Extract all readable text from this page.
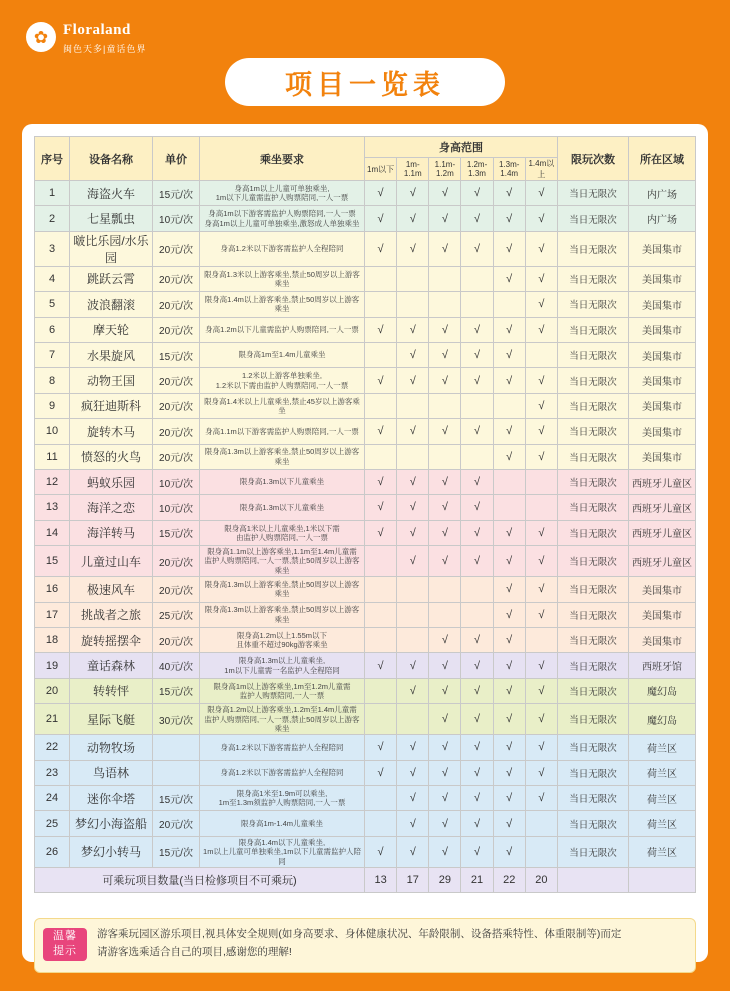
✿ Floraland
闽色天多|童话色界
项目一览表
序号	设备名称	单价	乘坐要求	身高范围						限玩次数	所在区域
				1m以下	1m-1.1m	1.1m-1.2m	1.2m-1.3m	1.3m-1.4m	1.4m以上		
1	海盗火车	15元/次	身高1m以上儿童可单独乘坐,
1m以下儿童需监护人购票陪同,一人一票	√	√	√	√	√	√	当日无限次	内广场
2	七星瓢虫	10元/次	身高1m以下游客需监护人购票陪同,一人一票
身高1m以上儿童可单独乘坐,激怒成人单独乘坐	√	√	√	√	√	√	当日无限次	内广场
3	啵比乐园/水乐园	20元/次	身高1.2米以下游客需监护人全程陪同	√	√	√	√	√	√	当日无限次	美国集市
4	跳跃云霄	20元/次	限身高1.3米以上游客乘坐,禁止50周岁以上游客乘坐					√	√	当日无限次	美国集市
5	波浪翻滚	20元/次	限身高1.4m以上游客乘坐,禁止50周岁以上游客乘坐						√	当日无限次	美国集市
6	摩天轮	20元/次	身高1.2m以下儿童需监护人购票陪同,一人一票	√	√	√	√	√	√	当日无限次	美国集市
7	水果旋风	15元/次	限身高1m至1.4m儿童乘坐		√	√	√	√		当日无限次	美国集市
8	动物王国	20元/次	1.2米以上游客单独乘坐,
1.2米以下需由监护人购票陪同,一人一票	√	√	√	√	√	√	当日无限次	美国集市
9	疯狂迪斯科	20元/次	限身高1.4米以上儿童乘坐,禁止45岁以上游客乘坐						√	当日无限次	美国集市
10	旋转木马	20元/次	身高1.1m以下游客需监护人购票陪同,一人一票	√	√	√	√	√	√	当日无限次	美国集市
11	愤怒的火鸟	20元/次	限身高1.3m以上游客乘坐,禁止50周岁以上游客乘坐					√	√	当日无限次	美国集市
12	蚂蚁乐园	10元/次	限身高1.3m以下儿童乘坐	√	√	√	√			当日无限次	西班牙儿童区
13	海洋之恋	10元/次	限身高1.3m以下儿童乘坐	√	√	√	√			当日无限次	西班牙儿童区
14	海洋转马	15元/次	限身高1米以上儿童乘坐,1米以下需
由监护人购票陪同,一人一票	√	√	√	√	√	√	当日无限次	西班牙儿童区
15	儿童过山车	20元/次	限身高1.1m以上游客乘坐,1.1m至1.4m儿童需
监护人购票陪同,一人一票,禁止50周岁以上游客乘坐		√	√	√	√	√	当日无限次	西班牙儿童区
16	极速风车	20元/次	限身高1.3m以上游客乘坐,禁止50周岁以上游客乘坐					√	√	当日无限次	美国集市
17	挑战者之旅	25元/次	限身高1.3m以上游客乘坐,禁止50周岁以上游客乘坐					√	√	当日无限次	美国集市
18	旋转摇摆伞	20元/次	限身高1.2m以上1.55m以下
且体重不超过90kg游客乘坐			√	√	√		当日无限次	美国集市
19	童话森林	40元/次	限身高1.3m以上儿童乘坐,
1m以下儿童需一名监护人全程陪同	√	√	√	√	√	√	当日无限次	西班牙馆
20	转转怦	15元/次	限身高1m以上游客乘坐,1m至1.2m儿童需
监护人购票陪同,一人一票		√	√	√	√	√	当日无限次	魔幻岛
21	星际飞艇	30元/次	限身高1.2m以上游客乘坐,1.2m至1.4m儿童需
监护人购票陪同,一人一票,禁止50周岁以上游客乘坐			√	√	√	√	当日无限次	魔幻岛
22	动物牧场		身高1.2米以下游客需监护人全程陪同	√	√	√	√	√	√	当日无限次	荷兰区
23	鸟语林		身高1.2米以下游客需监护人全程陪同	√	√	√	√	√	√	当日无限次	荷兰区
24	迷你伞塔	15元/次	限身高1米至1.9m可以乘坐,
1m至1.3m须监护人购票陪同,一人一票		√	√	√	√	√	当日无限次	荷兰区
25	梦幻小海盗船	20元/次	限身高1m-1.4m儿童乘坐		√	√	√	√		当日无限次	荷兰区
26	梦幻小转马	15元/次	限身高1.4m以下儿童乘坐,
1m以上儿童可单独乘坐,1m以下儿童需监护人陪同	√	√	√	√	√		当日无限次	荷兰区
可乘玩项目数量(当日检修项目不可乘玩)				13	17	29	21	22	20		
温馨
提示

游客乘玩园区游乐项目,视具体安全规则(如身高要求、身体健康状况、年龄限制、设备搭乘特性、体重限制等)而定

请游客选乘适合自己的项目,感谢您的理解!
